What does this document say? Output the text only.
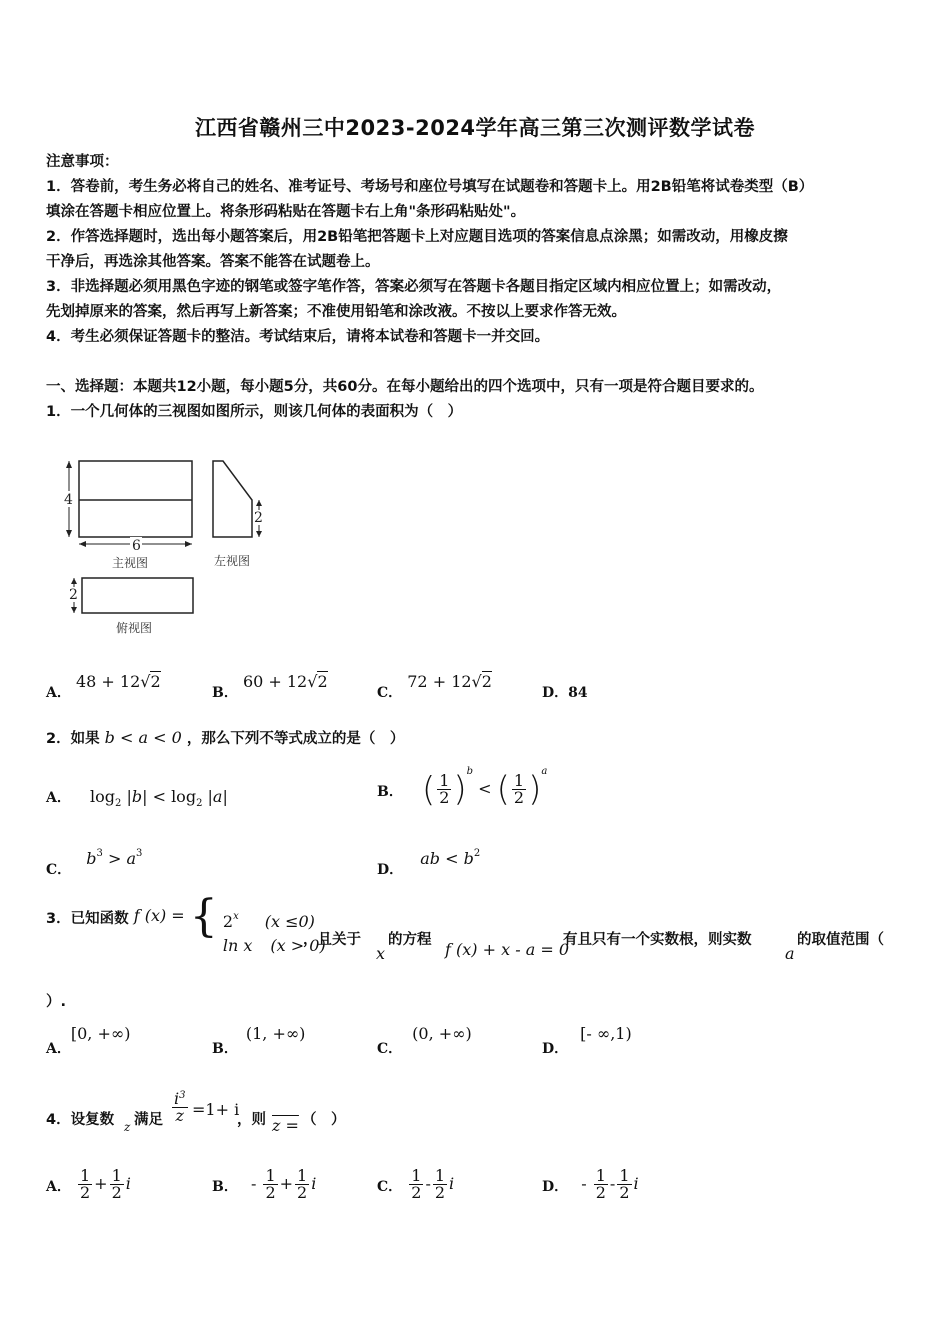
江西省赣州三中2023-2024学年高三第三次测评数学试卷
注意事项：
1．答卷前，考生务必将自己的姓名、准考证号、考场号和座位号填写在试题卷和答题卡上。用2B铅笔将试卷类型（B）
填涂在答题卡相应位置上。将条形码粘贴在答题卡右上角"条形码粘贴处"。
2．作答选择题时，选出每小题答案后，用2B铅笔把答题卡上对应题目选项的答案信息点涂黑；如需改动，用橡皮擦
干净后，再选涂其他答案。答案不能答在试题卷上。
3．非选择题必须用黑色字迹的钢笔或签字笔作答，答案必须写在答题卡各题目指定区域内相应位置上；如需改动，
先划掉原来的答案，然后再写上新答案；不准使用铅笔和涂改液。不按以上要求作答无效。
4．考生必须保证答题卡的整洁。考试结束后，请将本试卷和答题卡一并交回。
一、选择题：本题共12小题，每小题5分，共60分。在每小题给出的四个选项中，只有一项是符合题目要求的。
1．一个几何体的三视图如图所示，则该几何体的表面积为（　）
4
6
主视图
2
左视图
2
俯视图
A． 48 + 12√2
B． 60 + 12√2
C． 72 + 12√2
D．84
2．如果 b < a < 0 ，那么下列不等式成立的是（　）
A． $\log_2 |b| < \log_2 |a|$	B． ( $\frac{1}{2} )^b$ < ( $\frac{1}{2} )^a$
C． $b^3 > a^3$
D． ab < $b^2$
3．已知函数 f (x) = { 2$^x$ (x ≤0)
ln x (x > 0)
，且关于
x
的方程 f (x) + x - a = 0
有且只有一个实数根，则实数
a
的取值范围（
）.
A．[0, +∞)
B．(1, +∞)
C．(0, +∞)
D．[- ∞,1)
4．设复数 z 满足 $\frac{i^3}{z} =1+ i$
，则 z = （　）
A． $\frac{1}{2} + \frac{1}{2}$ i	B． - $\frac{1}{2} + \frac{1}{2}$ i	C． $\frac{1}{2} - \frac{1}{2}$ i	D． - $\frac{1}{2} - \frac{1}{2}$ i
